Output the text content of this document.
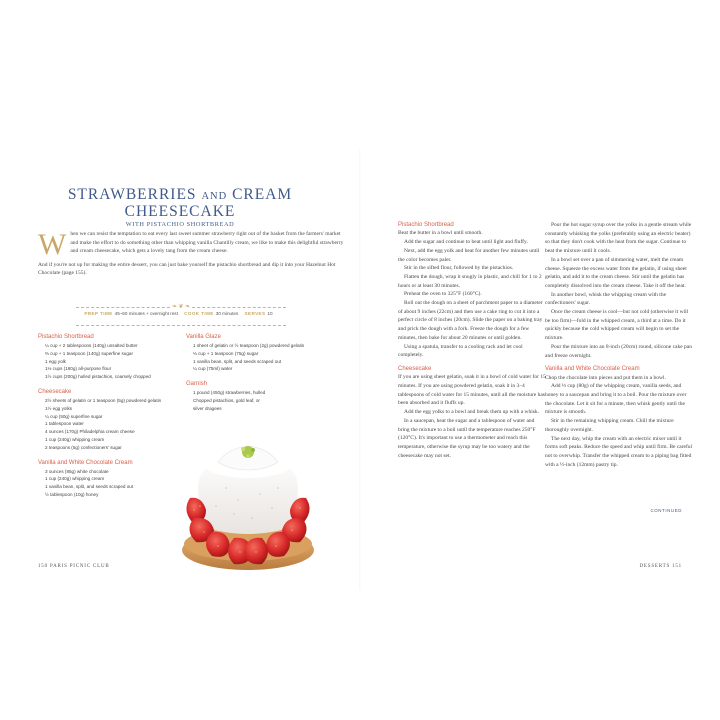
STRAWBERRIES AND CREAM
CHEESECAKE
WITH PISTACHIO SHORTBREAD
W hen we can resist the temptation to eat every last sweet summer strawberry right out of the basket from the farmers' market and make the effort to do something other than whipping vanilla Chantilly cream, we like to make this delightful strawberry and cream cheesecake, which gets a lovely tang from the cream cheese.

And if you're not up for making the entire dessert, you can just bake yourself the pistachio shortbread and dip it into your Hazelnut Hot Chocolate (page 155).

❧ ❦ ❧
PREP TIME 45–60 minutes + overnight rest COOK TIME 30 minutes SERVES 10
Pistachio Shortbread
¼ cup + 2 tablespoons (140g) unsalted butter
⅔ cup + 1 teaspoon (140g) superfine sugar
1 egg yolk
1⅓ cups (160g) all-purpose flour
1½ cups (200g) hulled pistachios, coarsely chopped
Cheesecake
2½ sheets of gelatin or 1 teaspoon (5g) powdered gelatin
1½ egg yolks
¼ cup (50g) superfine sugar
1 tablespoon water
4 ounces (170g) Philadelphia cream cheese
1 cup (240g) whipping cream
2 teaspoons (5g) confectioners' sugar
Vanilla and White Chocolate Cream
3 ounces (85g) white chocolate
1 cup (240g) whipping cream
1 vanilla bean, split, and seeds scraped out
½ tablespoon (10g) honey
Vanilla Glaze
1 sheet of gelatin or ½ teaspoon (2g) powdered gelatin
⅓ cup + 1 teaspoon (75g) sugar
1 vanilla bean, split, and seeds scraped out
¼ cup (75ml) water
Garnish
1 pound (450g) strawberries, hulled
Chopped pistachios, gold leaf, or
silver dragees
150 PARIS PICNIC CLUB
Pistachio Shortbread

Beat the butter in a bowl until smooth.

Add the sugar and continue to beat until light and fluffy.

Next, add the egg yolk and beat for another few minutes until the color becomes paler.

Stir in the sifted flour, followed by the pistachios.

Flatten the dough, wrap it snugly in plastic, and chill for 1 to 2 hours or at least 30 minutes.

Preheat the oven to 325°F (160°C).

Roll out the dough on a sheet of parchment paper to a diameter of about 9 inches (22cm) and then use a cake ring to cut it into a perfect circle of 8 inches (20cm). Slide the paper on a baking tray and prick the dough with a fork. Freeze the dough for a few minutes, then bake for about 20 minutes or until golden.

Using a spatula, transfer to a cooling rack and let cool completely.

Cheesecake

If you are using sheet gelatin, soak it in a bowl of cold water for 15 minutes. If you are using powdered gelatin, soak it in 3–4 tablespoons of cold water for 15 minutes, until all the moisture has been absorbed and it fluffs up.

Add the egg yolks to a bowl and break them up with a whisk.

In a saucepan, heat the sugar and a tablespoon of water and bring the mixture to a boil until the temperature reaches 250°F (120°C). It's important to use a thermometer and reach this temperature, otherwise the syrup may be too watery and the cheesecake may not set.

Pour the hot sugar syrup over the yolks in a gentle stream while constantly whisking the yolks (preferably using an electric beater) so that they don't cook with the heat from the sugar. Continue to beat the mixture until it cools.

In a bowl set over a pan of simmering water, melt the cream cheese. Squeeze the excess water from the gelatin, if using sheet gelatin, and add it to the cream cheese. Stir until the gelatin has completely dissolved into the cream cheese. Take it off the heat.

In another bowl, whisk the whipping cream with the confectioners' sugar.

Once the cream cheese is cool—but not cold (otherwise it will be too firm)—fold in the whipped cream, a third at a time. Do it quickly because the cold whipped cream will begin to set the mixture.

Pour the mixture into an 8-inch (20cm) round, silicone cake pan and freeze overnight.

Vanilla and White Chocolate Cream

Chop the chocolate into pieces and put them in a bowl.

Add ⅓ cup (80g) of the whipping cream, vanilla seeds, and honey to a saucepan and bring it to a boil. Pour the mixture over the chocolate. Let it sit for a minute, then whisk gently until the mixture is smooth.

Stir in the remaining whipping cream. Chill the mixture thoroughly overnight.

The next day, whip the cream with an electric mixer until it forms soft peaks. Reduce the speed and whip until firm. Be careful not to overwhip. Transfer the whipped cream to a piping bag fitted with a ½-inch (12mm) pastry tip.

CONTINUED
DESSERTS 151
